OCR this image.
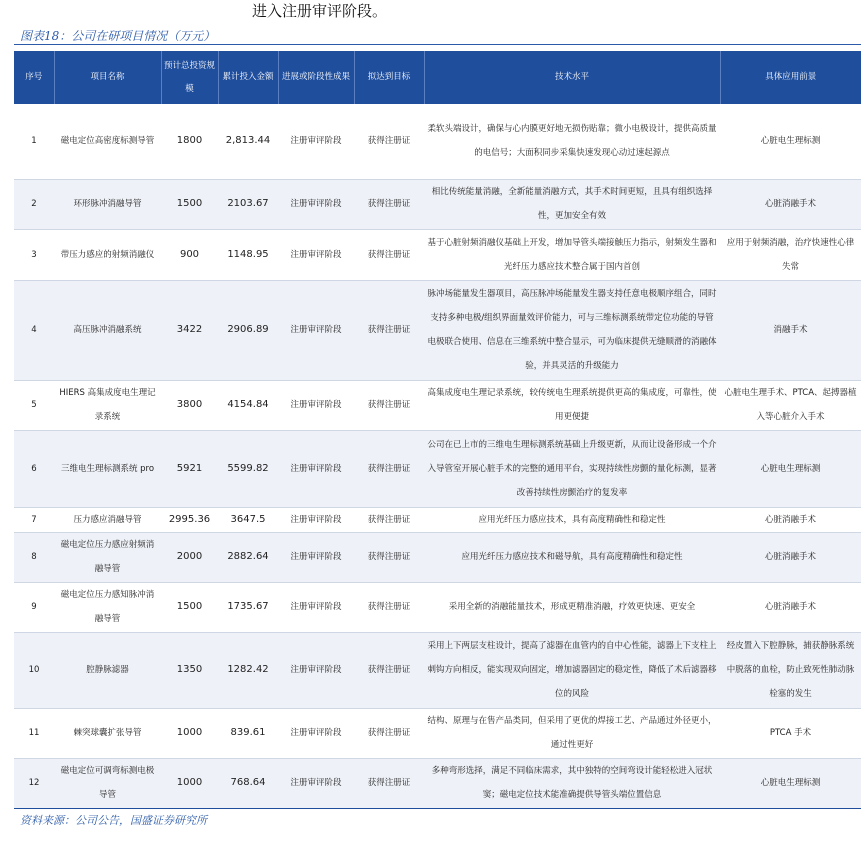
进入注册审评阶段。
图表18：公司在研项目情况（万元）
序号	项目名称	预计总投资规模	累计投入金额	进展或阶段性成果	拟达到目标	技术水平	具体应用前景
1	磁电定位高密度标测导管	1800	2,813.44	注册审评阶段	获得注册证	柔软头端设计，确保与心内膜更好地无损伤贴靠；微小电极设计，提供高质量的电信号；大面积同步采集快速发现心动过速起源点	心脏电生理标测
2	环形脉冲消融导管	1500	2103.67	注册审评阶段	获得注册证	相比传统能量消融，全新能量消融方式，其手术时间更短，且具有组织选择性，更加安全有效	心脏消融手术
3	带压力感应的射频消融仪	900	1148.95	注册审评阶段	获得注册证	基于心脏射频消融仪基础上开发，增加导管头端接触压力指示，射频发生器和光纤压力感应技术整合属于国内首创	应用于射频消融，治疗快速性心律失常
4	高压脉冲消融系统	3422	2906.89	注册审评阶段	获得注册证	脉冲场能量发生器项目，高压脉冲场能量发生器支持任意电极顺序组合，同时支持多种电极/组织界面量效评价能力，可与三维标测系统带定位功能的导管电极联合使用、信息在三维系统中整合显示，可为临床提供无缝顺滑的消融体验，并具灵活的升级能力	消融手术
5	HIERS 高集成度电生理记录系统	3800	4154.84	注册审评阶段	获得注册证	高集成度电生理记录系统，较传统电生理系统提供更高的集成度，可靠性，使用更便捷	心脏电生理手术、PTCA、起搏器植入等心脏介入手术
6	三维电生理标测系统 pro	5921	5599.82	注册审评阶段	获得注册证	公司在已上市的三维电生理标测系统基础上升级更新，从而让设备形成一个介入导管室开展心脏手术的完整的通用平台，实现持续性房颤的量化标测，显著改善持续性房颤治疗的复发率	心脏电生理标测
7	压力感应消融导管	2995.36	3647.5	注册审评阶段	获得注册证	应用光纤压力感应技术，具有高度精确性和稳定性	心脏消融手术
8	磁电定位压力感应射频消融导管	2000	2882.64	注册审评阶段	获得注册证	应用光纤压力感应技术和磁导航，具有高度精确性和稳定性	心脏消融手术
9	磁电定位压力感知脉冲消融导管	1500	1735.67	注册审评阶段	获得注册证	采用全新的消融能量技术，形成更精准消融，疗效更快速、更安全	心脏消融手术
10	腔静脉滤器	1350	1282.42	注册审评阶段	获得注册证	采用上下两层支柱设计，提高了滤器在血管内的自中心性能，滤器上下支柱上刺钩方向相反，能实现双向固定，增加滤器固定的稳定性，降低了术后滤器移位的风险	经皮置入下腔静脉，捕获静脉系统中脱落的血栓，防止致死性肺动脉栓塞的发生
11	棘突球囊扩张导管	1000	839.61	注册审评阶段	获得注册证	结构、原理与在售产品类同，但采用了更优的焊接工艺、产品通过外径更小，通过性更好	PTCA 手术
12	磁电定位可调弯标测电极导管	1000	768.64	注册审评阶段	获得注册证	多种弯形选择，满足不同临床需求，其中独特的空间弯设计能轻松进入冠状窦；磁电定位技术能准确提供导管头端位置信息	心脏电生理标测
资料来源：公司公告，国盛证券研究所
